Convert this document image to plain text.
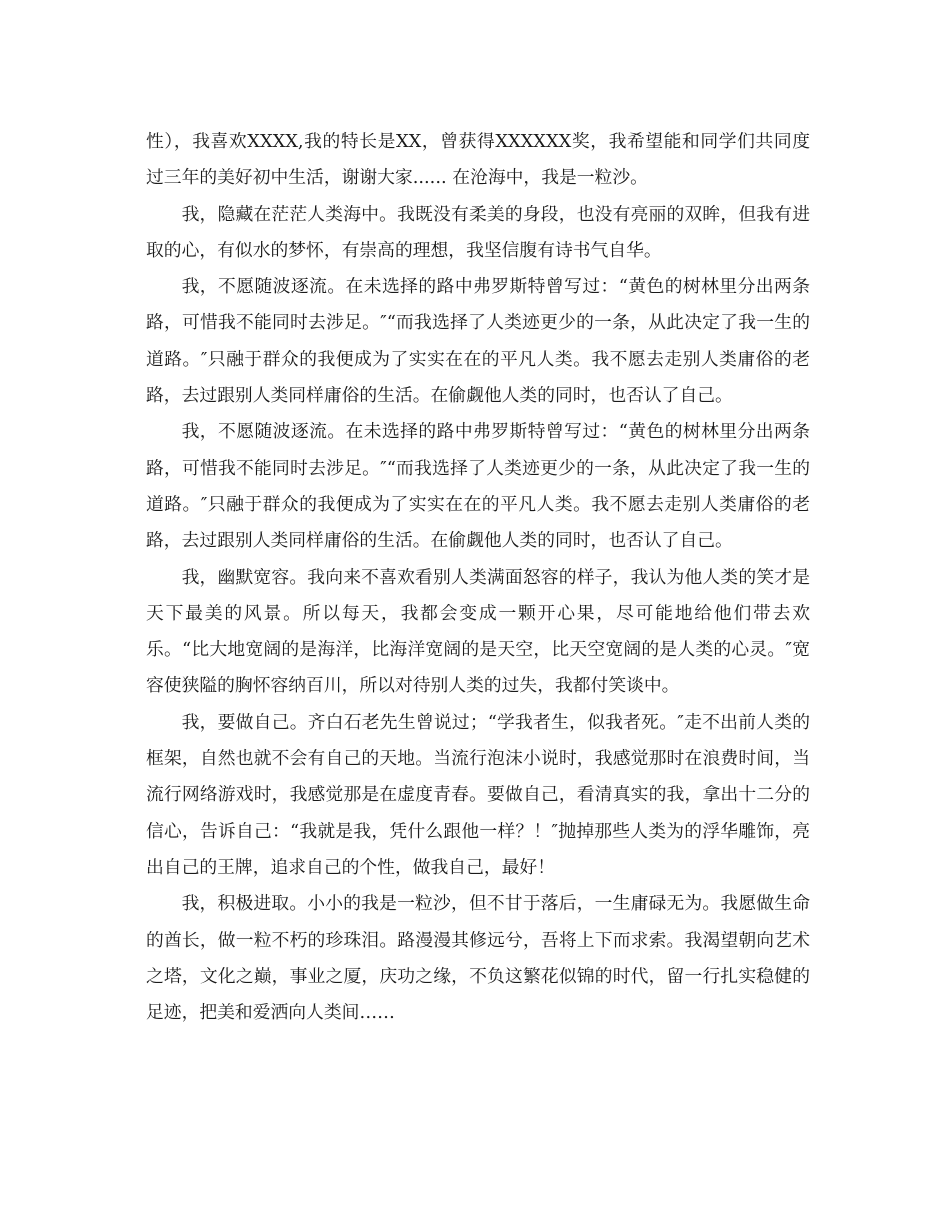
性），我喜欢XXXX,我的特长是XX，曾获得XXXXXX奖，我希望能和同学们共同度过三年的美好初中生活，谢谢大家...... 在沧海中，我是一粒沙。

我，隐藏在茫茫人类海中。我既没有柔美的身段，也没有亮丽的双眸，但我有进取的心，有似水的梦怀，有崇高的理想，我坚信腹有诗书气自华。

我，不愿随波逐流。在未选择的路中弗罗斯特曾写过：“黄色的树林里分出两条路，可惜我不能同时去涉足。″“而我选择了人类迹更少的一条，从此决定了我一生的道路。″只融于群众的我便成为了实实在在的平凡人类。我不愿去走别人类庸俗的老路，去过跟别人类同样庸俗的生活。在偷觑他人类的同时，也否认了自己。

我，不愿随波逐流。在未选择的路中弗罗斯特曾写过：“黄色的树林里分出两条路，可惜我不能同时去涉足。″“而我选择了人类迹更少的一条，从此决定了我一生的道路。″只融于群众的我便成为了实实在在的平凡人类。我不愿去走别人类庸俗的老路，去过跟别人类同样庸俗的生活。在偷觑他人类的同时，也否认了自己。

我，幽默宽容。我向来不喜欢看别人类满面怒容的样子，我认为他人类的笑才是天下最美的风景。所以每天，我都会变成一颗开心果，尽可能地给他们带去欢乐。“比大地宽阔的是海洋，比海洋宽阔的是天空，比天空宽阔的是人类的心灵。″宽容使狭隘的胸怀容纳百川，所以对待别人类的过失，我都付笑谈中。

我，要做自己。齐白石老先生曾说过；“学我者生，似我者死。″走不出前人类的框架，自然也就不会有自己的天地。当流行泡沫小说时，我感觉那时在浪费时间，当流行网络游戏时，我感觉那是在虚度青春。要做自己，看清真实的我，拿出十二分的信心，告诉自己：“我就是我，凭什么跟他一样？！″抛掉那些人类为的浮华雕饰，亮出自己的王牌，追求自己的个性，做我自己，最好！

我，积极进取。小小的我是一粒沙，但不甘于落后，一生庸碌无为。我愿做生命的酋长，做一粒不朽的珍珠泪。路漫漫其修远兮，吾将上下而求索。我渴望朝向艺术之塔，文化之巅，事业之厦，庆功之缘，不负这繁花似锦的时代，留一行扎实稳健的足迹，把美和爱洒向人类间……
